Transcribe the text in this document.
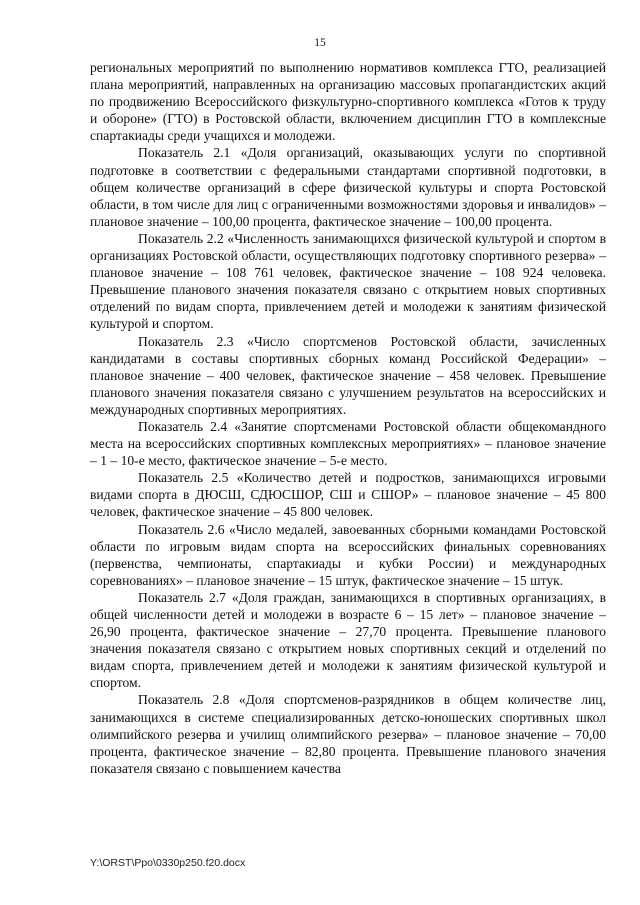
15

региональных мероприятий по выполнению нормативов комплекса ГТО, реализацией плана мероприятий, направленных на организацию массовых пропагандистских акций по продвижению Всероссийского физкультурно-спортивного комплекса «Готов к труду и обороне» (ГТО) в Ростовской области, включением дисциплин ГТО в комплексные спартакиады среди учащихся и молодежи.

Показатель 2.1 «Доля организаций, оказывающих услуги по спортивной подготовке в соответствии с федеральными стандартами спортивной подготовки, в общем количестве организаций в сфере физической культуры и спорта Ростовской области, в том числе для лиц с ограниченными возможностями здоровья и инвалидов» – плановое значение – 100,00 процента, фактическое значение – 100,00 процента.

Показатель 2.2 «Численность занимающихся физической культурой и спортом в организациях Ростовской области, осуществляющих подготовку спортивного резерва» – плановое значение – 108 761 человек, фактическое значение – 108 924 человека. Превышение планового значения показателя связано с открытием новых спортивных отделений по видам спорта, привлечением детей и молодежи к занятиям физической культурой и спортом.

Показатель 2.3 «Число спортсменов Ростовской области, зачисленных кандидатами в составы спортивных сборных команд Российской Федерации» – плановое значение – 400 человек, фактическое значение – 458 человек. Превышение планового значения показателя связано с улучшением результатов на всероссийских и международных спортивных мероприятиях.

Показатель 2.4 «Занятие спортсменами Ростовской области общекомандного места на всероссийских спортивных комплексных мероприятиях» – плановое значение – 1 – 10-е место, фактическое значение – 5-е место.

Показатель 2.5 «Количество детей и подростков, занимающихся игровыми видами спорта в ДЮСШ, СДЮСШОР, СШ и СШОР» – плановое значение – 45 800 человек, фактическое значение – 45 800 человек.

Показатель 2.6 «Число медалей, завоеванных сборными командами Ростовской области по игровым видам спорта на всероссийских финальных соревнованиях (первенства, чемпионаты, спартакиады и кубки России) и международных соревнованиях» – плановое значение – 15 штук, фактическое значение – 15 штук.

Показатель 2.7 «Доля граждан, занимающихся в спортивных организациях, в общей численности детей и молодежи в возрасте 6 – 15 лет» – плановое значение – 26,90 процента, фактическое значение – 27,70 процента. Превышение планового значения показателя связано с открытием новых спортивных секций и отделений по видам спорта, привлечением детей и молодежи к занятиям физической культурой и спортом.

Показатель 2.8 «Доля спортсменов-разрядников в общем количестве лиц, занимающихся в системе специализированных детско-юношеских спортивных школ олимпийского резерва и училищ олимпийского резерва» – плановое значение – 70,00 процента, фактическое значение – 82,80 процента. Превышение планового значения показателя связано с повышением качества

Y:\ORST\Ppo\0330p250.f20.docx
